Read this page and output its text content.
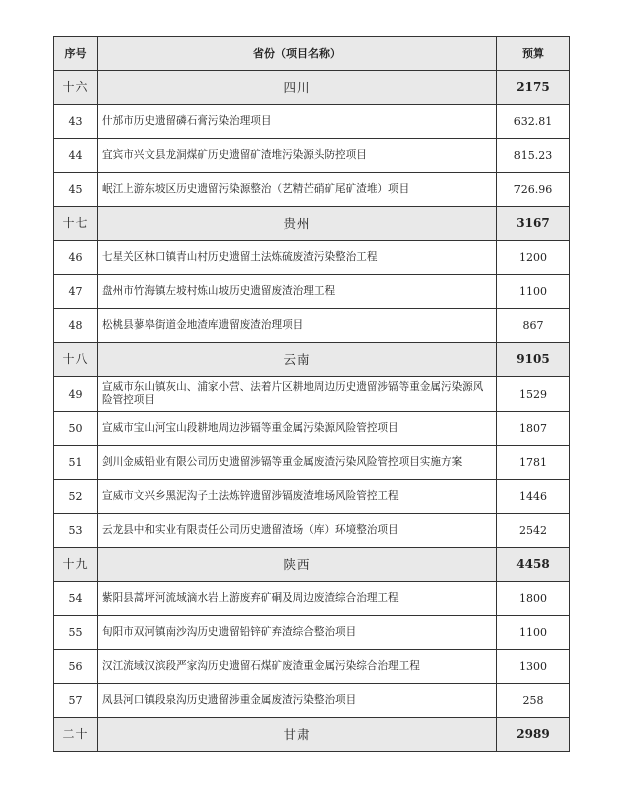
序号	省份（项目名称）	预算
十六	四川	2175
43	什邡市历史遗留磷石膏污染治理项目	632.81
44	宜宾市兴文县龙洞煤矿历史遗留矿渣堆污染源头防控项目	815.23
45	岷江上游东坡区历史遗留污染源整治（艺精芒硝矿尾矿渣堆）项目	726.96
十七	贵州	3167
46	七星关区林口镇青山村历史遗留土法炼硫废渣污染整治工程	1200
47	盘州市竹海镇左坡村炼山坡历史遗留废渣治理工程	1100
48	松桃县蓼皋街道金地渣库遗留废渣治理项目	867
十八	云南	9105
49	宣威市东山镇灰山、浦家小营、法着片区耕地周边历史遗留涉镉等重金属污染源风险管控项目	1529
50	宣威市宝山河宝山段耕地周边涉镉等重金属污染源风险管控项目	1807
51	剑川金威铅业有限公司历史遗留涉镉等重金属废渣污染风险管控项目实施方案	1781
52	宣威市文兴乡黑泥沟子土法炼锌遗留涉镉废渣堆场风险管控工程	1446
53	云龙县中和实业有限责任公司历史遗留渣场（库）环境整治项目	2542
十九	陕西	4458
54	紫阳县蒿坪河流域滴水岩上游废弃矿硐及周边废渣综合治理工程	1800
55	旬阳市双河镇南沙沟历史遗留铅锌矿弃渣综合整治项目	1100
56	汉江流域汉滨段严家沟历史遗留石煤矿废渣重金属污染综合治理工程	1300
57	凤县河口镇段泉沟历史遗留涉重金属废渣污染整治项目	258
二十	甘肃	2989
